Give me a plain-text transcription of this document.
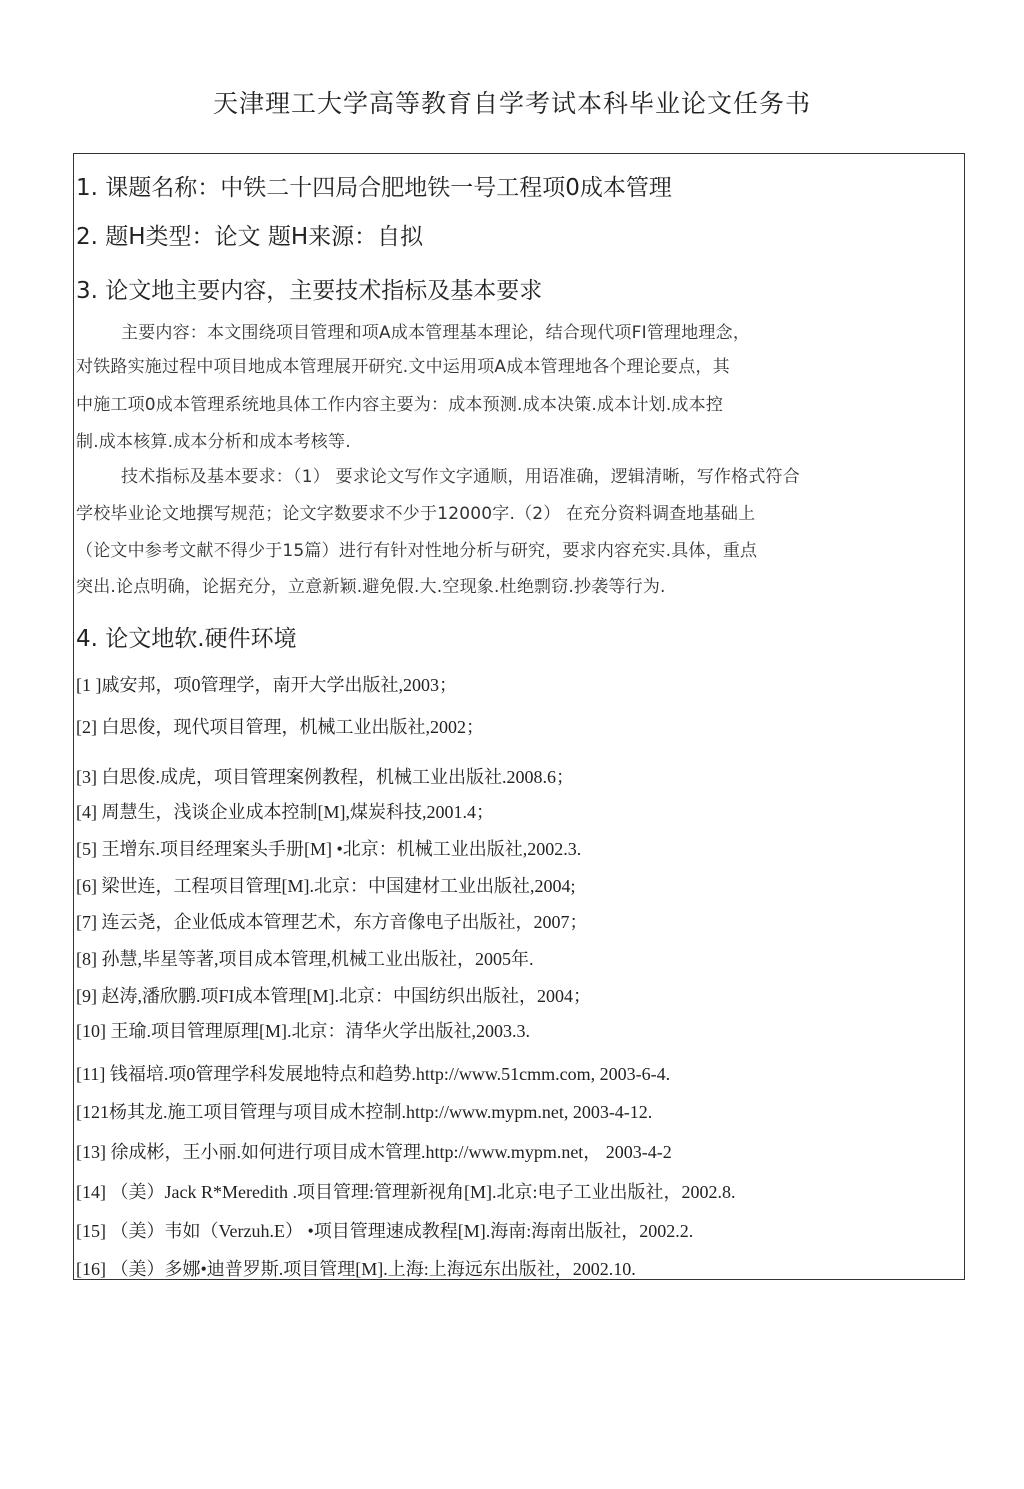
天津理工大学高等教育自学考试本科毕业论文任务书
1. 课题名称：中铁二十四局合肥地铁一号工程项0成本管理
2. 题H类型：论文 题H来源：自拟
3. 论文地主要内容，主要技术指标及基本要求
主要内容：本文围绕项目管理和项A成本管理基本理论，结合现代项FI管理地理念，
对铁路实施过程中项目地成本管理展开研究.文中运用项A成本管理地各个理论要点，其
中施工项0成本管理系统地具体工作内容主要为：成本预测.成本决策.成本计划.成本控
制.成本核算.成本分析和成本考核等.
技术指标及基本要求：（1） 要求论文写作文字通顺，用语准确，逻辑清晰，写作格式符合
学校毕业论文地撰写规范；论文字数要求不少于12000字.（2） 在充分资料调查地基础上
（论文中参考文献不得少于15篇）进行有针对性地分析与研究，要求内容充实.具体，重点
突出.论点明确，论据充分，立意新颖.避免假.大.空现象.杜绝剽窃.抄袭等行为.
4. 论文地软.硬件环境
[1 ]戚安邦，项0管理学，南开大学出版社,2003；
[2] 白思俊，现代项目管理，机械工业出版社,2002；
[3] 白思俊.成虎，项目管理案例教程，机械工业出版社.2008.6；
[4] 周慧生，浅谈企业成本控制[M],煤炭科技,2001.4；
[5] 王增东.项目经理案头手册[M] •北京：机械工业出版社,2002.3.
[6] 梁世连，工程项目管理[M].北京：中国建材工业出版社,2004;
[7] 连云尧，企业低成本管理艺术，东方音像电子出版社，2007；
[8] 孙慧,毕星等著,项目成本管理,机械工业出版社，2005年.
[9] 赵涛,潘欣鹏.项FI成本管理[M].北京：中国纺织出版社，2004；
[10] 王瑜.项目管理原理[M].北京：清华火学出版社,2003.3.
[11] 钱福培.项0管理学科发展地特点和趋势.http://www.51cmm.com, 2003-6-4.
[121杨其龙.施工项目管理与项目成木控制.http://www.mypm.net, 2003-4-12.
[13] 徐成彬，王小丽.如何进行项目成木管理.http://www.mypm.net， 2003-4-2
[14] （美）Jack R*Meredith .项目管理:管理新视角[M].北京:电子工业出版社，2002.8.
[15] （美）韦如（Verzuh.E） •项目管理速成教程[M].海南:海南出版社，2002.2.
[16] （美）多娜•迪普罗斯.项目管理[M].上海:上海远东出版社，2002.10.
